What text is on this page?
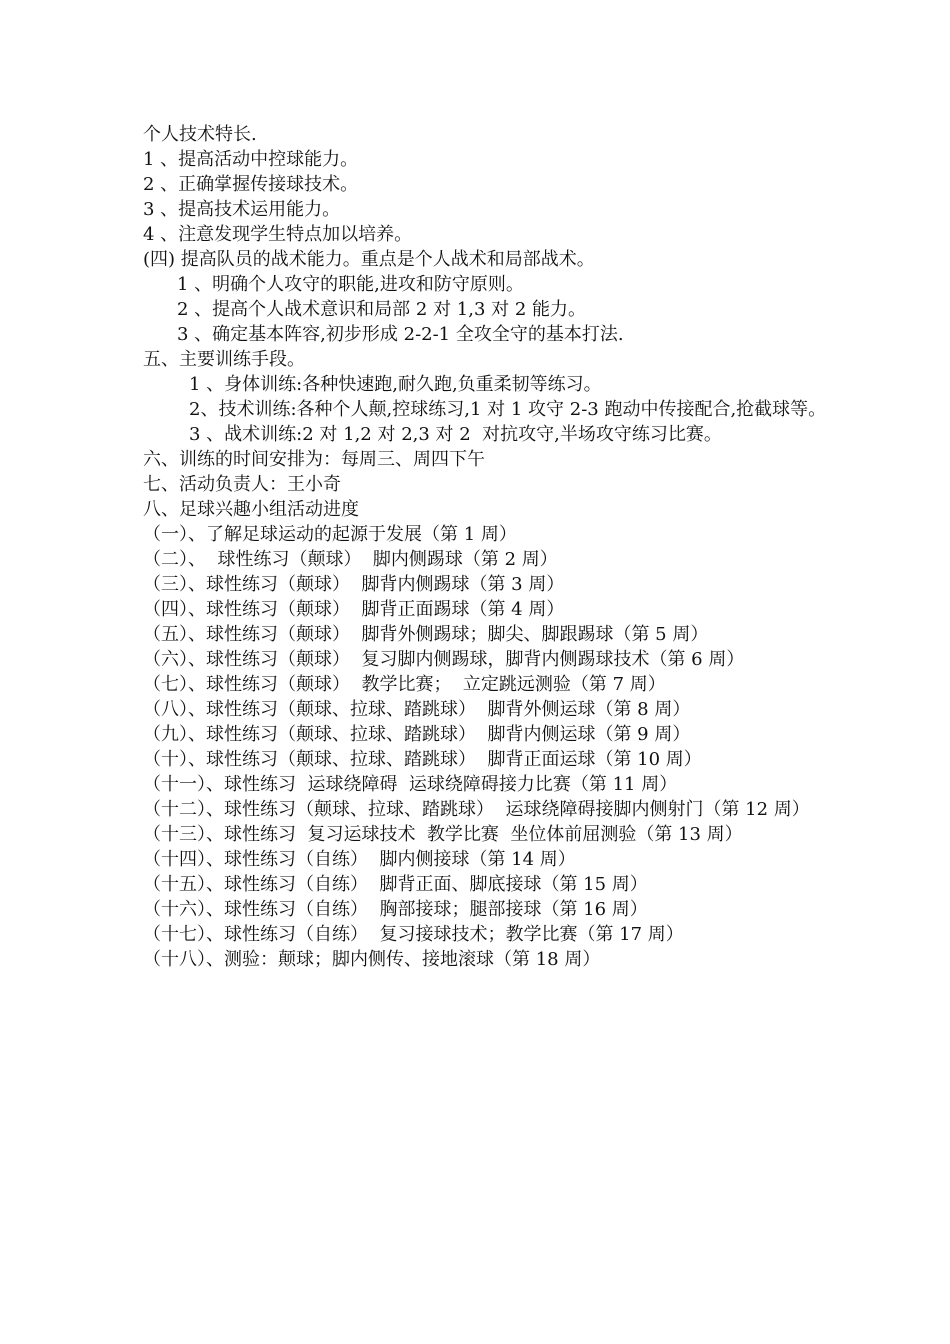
个人技术特长.

1 、提高活动中控球能力。

2 、正确掌握传接球技术。

3 、提高技术运用能力。

4 、注意发现学生特点加以培养。

(四) 提高队员的战术能力。重点是个人战术和局部战术。

1 、明确个人攻守的职能,进攻和防守原则。

2 、提高个人战术意识和局部 2 对 1,3 对 2 能力。

3 、确定基本阵容,初步形成 2-2-1 全攻全守的基本打法.

五、主要训练手段。

1 、身体训练:各种快速跑,耐久跑,负重柔韧等练习。

2、技术训练:各种个人颠,控球练习,1 对 1 攻守 2-3 跑动中传接配合,抢截球等。

3 、战术训练:2 对 1,2 对 2,3 对 2  对抗攻守,半场攻守练习比赛。

六、训练的时间安排为：每周三、周四下午

七、活动负责人：王小奇

八、足球兴趣小组活动进度

（一）、了解足球运动的起源于发展（第 1 周）

（二）、  球性练习（颠球）  脚内侧踢球（第 2 周）

（三）、球性练习（颠球）  脚背内侧踢球（第 3 周）

（四）、球性练习（颠球）  脚背正面踢球（第 4 周）

（五）、球性练习（颠球）  脚背外侧踢球；脚尖、脚跟踢球（第 5 周）

（六）、球性练习（颠球）  复习脚内侧踢球，脚背内侧踢球技术（第 6 周）

（七）、球性练习（颠球）  教学比赛；  立定跳远测验（第 7 周）

（八）、球性练习（颠球、拉球、踏跳球）  脚背外侧运球（第 8 周）

（九）、球性练习（颠球、拉球、踏跳球）  脚背内侧运球（第 9 周）

（十）、球性练习（颠球、拉球、踏跳球）  脚背正面运球（第 10 周）

（十一）、球性练习  运球绕障碍  运球绕障碍接力比赛（第 11 周）

（十二）、球性练习（颠球、拉球、踏跳球）  运球绕障碍接脚内侧射门（第 12 周）

（十三）、球性练习  复习运球技术  教学比赛  坐位体前屈测验（第 13 周）

（十四）、球性练习（自练）  脚内侧接球（第 14 周）

（十五）、球性练习（自练）  脚背正面、脚底接球（第 15 周）

（十六）、球性练习（自练）  胸部接球；腿部接球（第 16 周）

（十七）、球性练习（自练）  复习接球技术；教学比赛（第 17 周）

（十八）、测验：颠球；脚内侧传、接地滚球（第 18 周）
